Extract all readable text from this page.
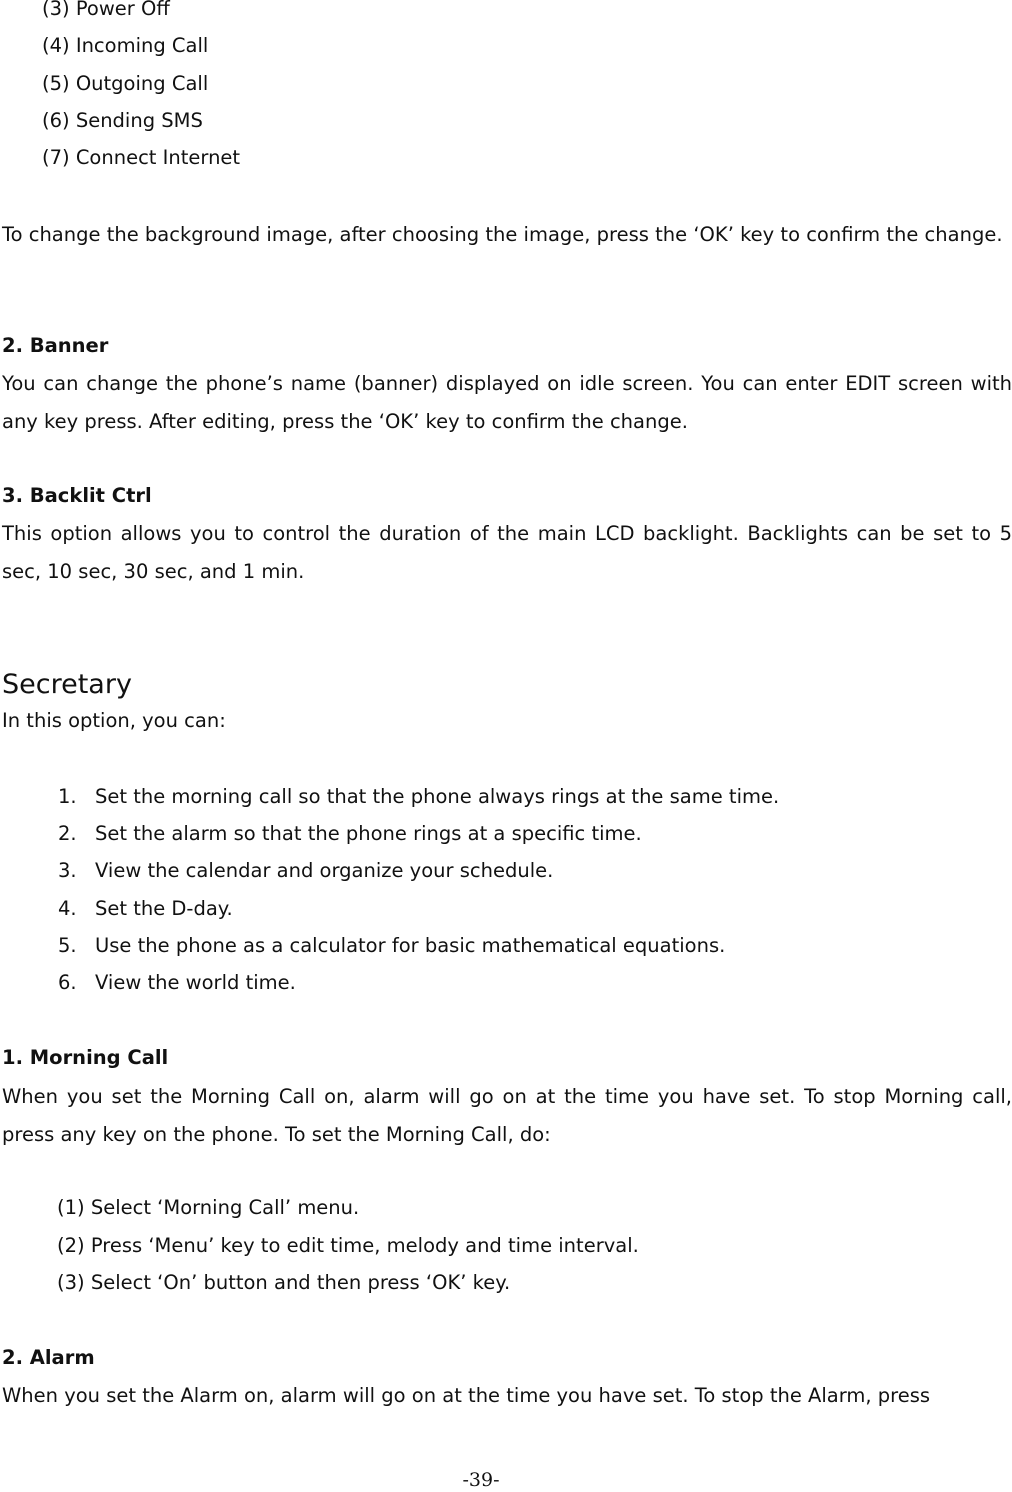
(3) Power Off
(4) Incoming Call
(5) Outgoing Call
(6) Sending SMS
(7) Connect Internet
To change the background image, after choosing the image, press the ‘OK’ key to confirm the change.
2. Banner
You can change the phone’s name (banner) displayed on idle screen. You can enter EDIT screen with any key press. After editing, press the ‘OK’ key to confirm the change.
3. Backlit Ctrl
This option allows you to control the duration of the main LCD backlight. Backlights can be set to 5 sec, 10 sec, 30 sec, and 1 min.
Secretary
In this option, you can:
1. Set the morning call so that the phone always rings at the same time.
2. Set the alarm so that the phone rings at a specific time.
3. View the calendar and organize your schedule.
4. Set the D-day.
5. Use the phone as a calculator for basic mathematical equations.
6. View the world time.
1. Morning Call
When you set the Morning Call on, alarm will go on at the time you have set. To stop Morning call, press any key on the phone. To set the Morning Call, do:
(1) Select ‘Morning Call’ menu.
(2) Press ‘Menu’ key to edit time, melody and time interval.
(3) Select ‘On’ button and then press ‘OK’ key.
2. Alarm
When you set the Alarm on, alarm will go on at the time you have set. To stop the Alarm, press
-39-
